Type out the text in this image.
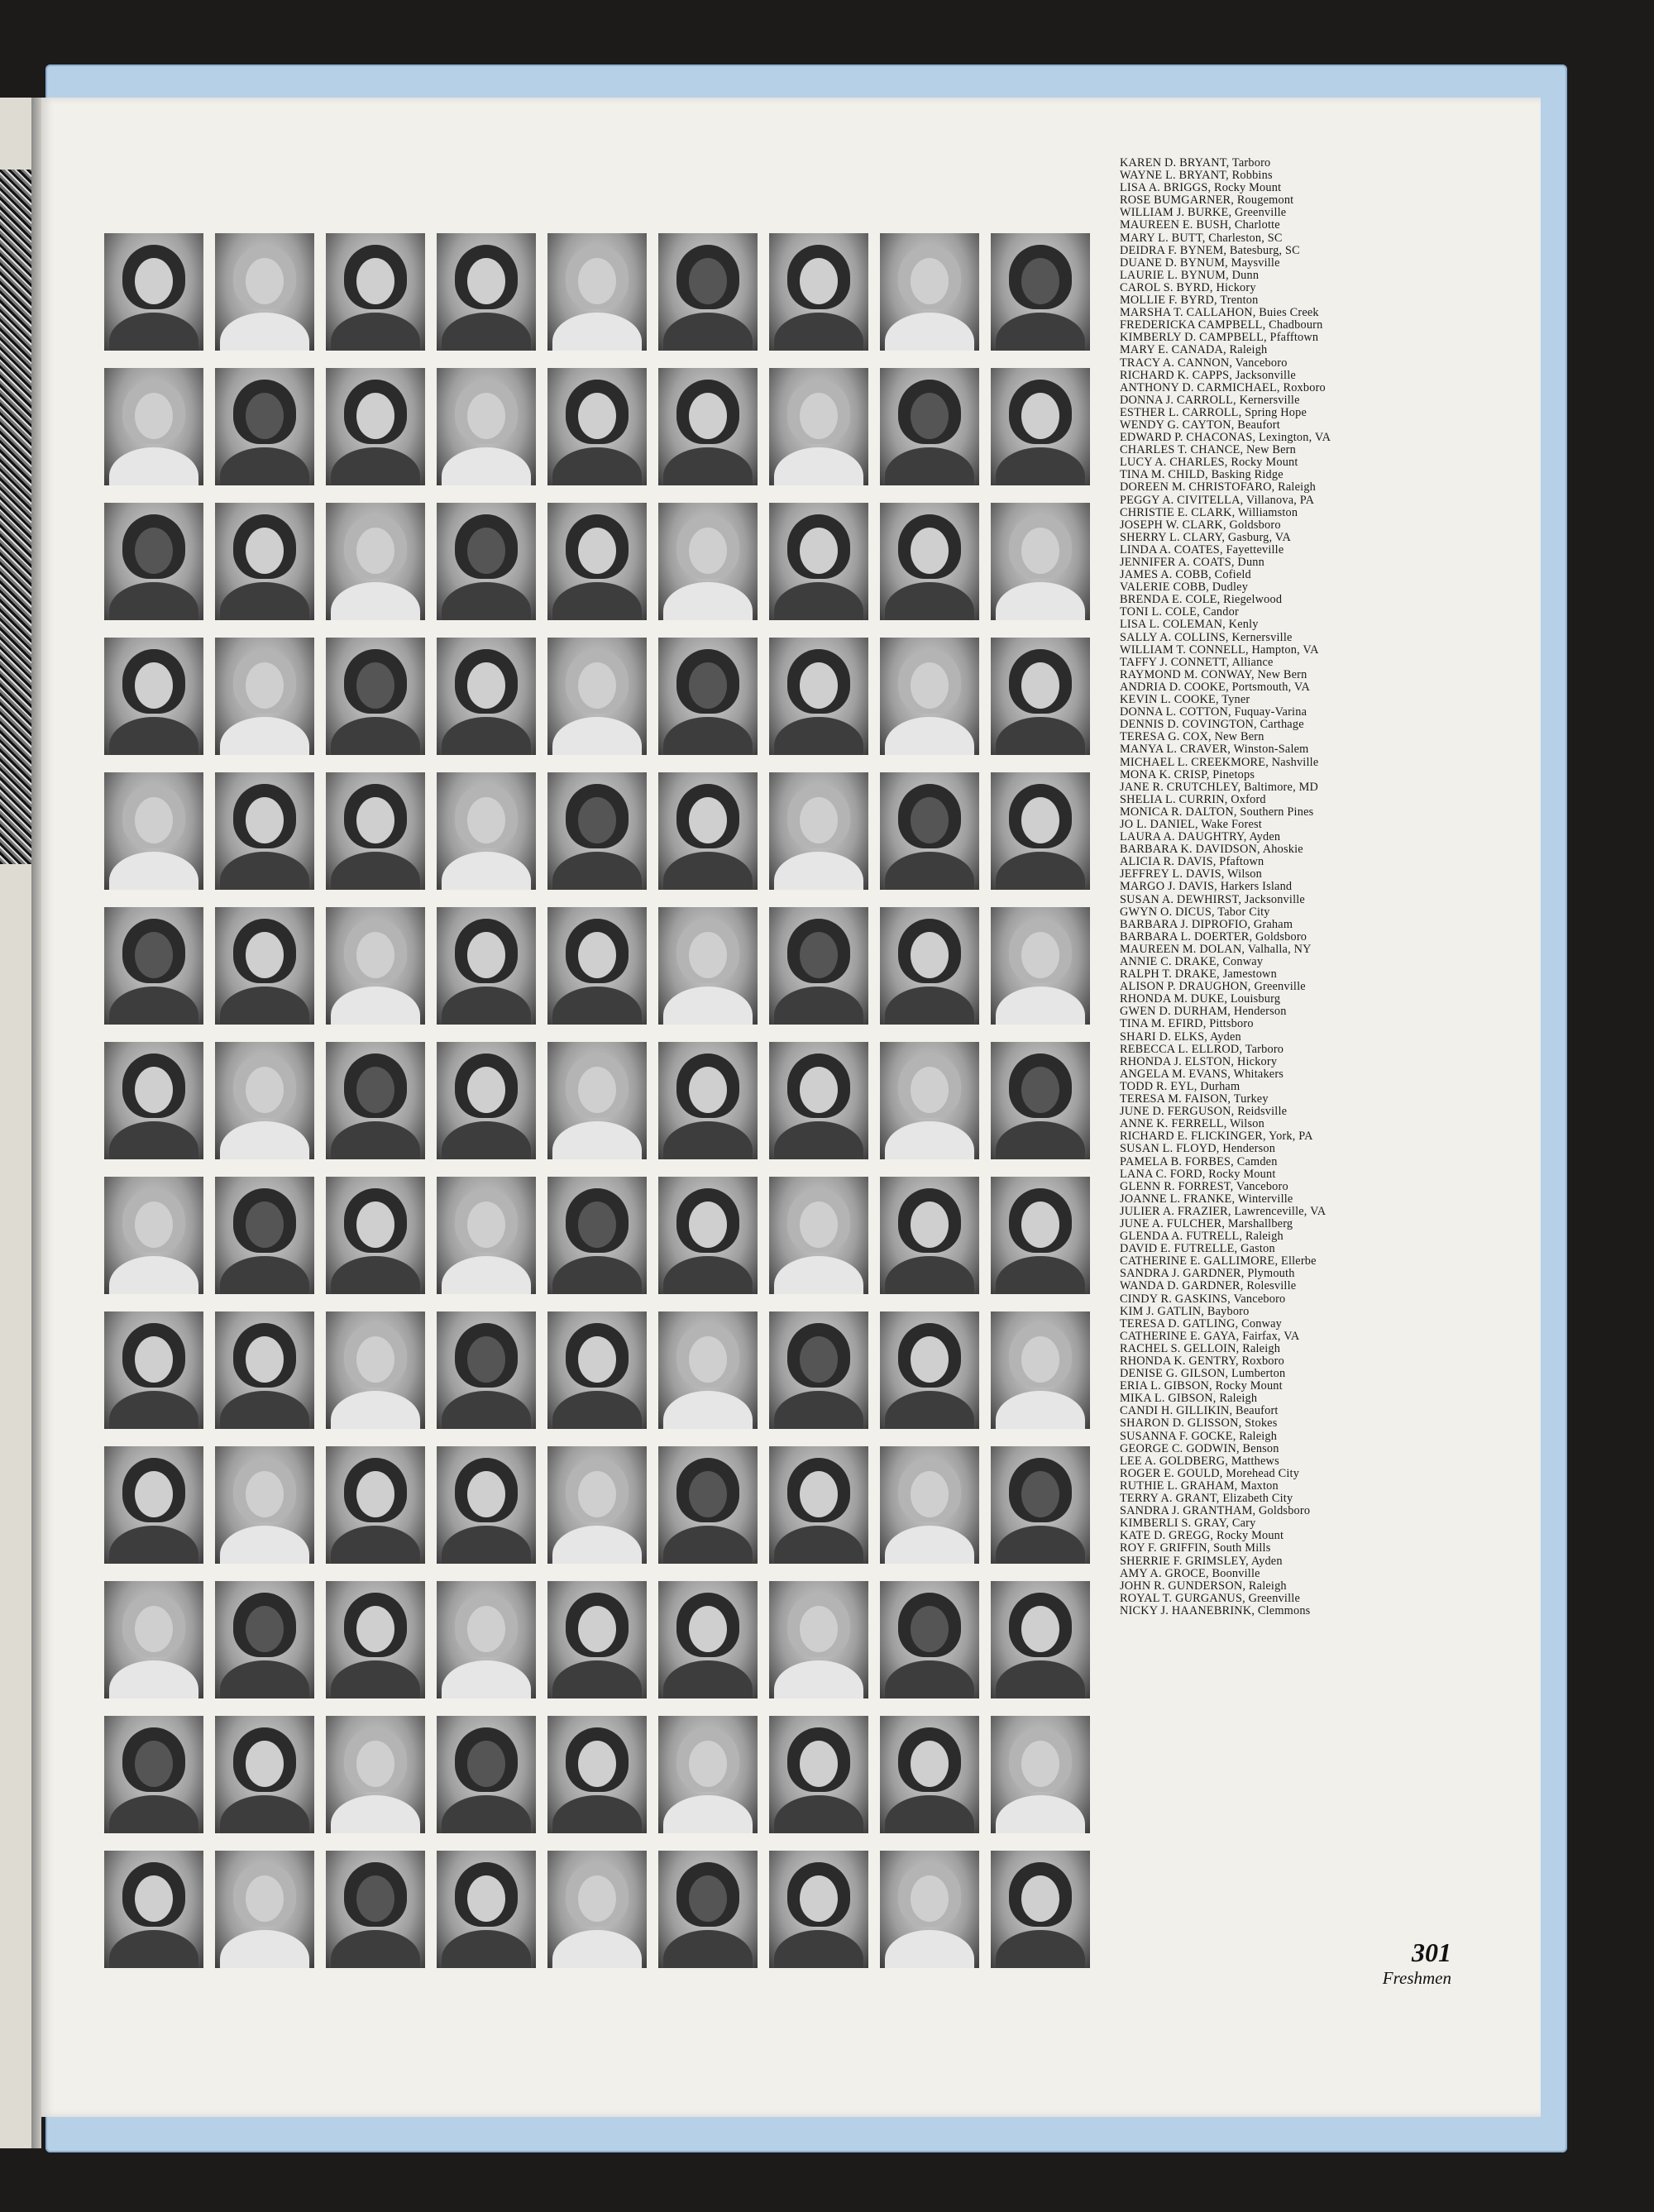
KAREN D. BRYANT, Tarboro
WAYNE L. BRYANT, Robbins
LISA A. BRIGGS, Rocky Mount
ROSE BUMGARNER, Rougemont
WILLIAM J. BURKE, Greenville
MAUREEN E. BUSH, Charlotte
MARY L. BUTT, Charleston, SC
DEIDRA F. BYNEM, Batesburg, SC
DUANE D. BYNUM, Maysville
LAURIE L. BYNUM, Dunn
CAROL S. BYRD, Hickory
MOLLIE F. BYRD, Trenton
MARSHA T. CALLAHON, Buies Creek
FREDERICKA CAMPBELL, Chadbourn
KIMBERLY D. CAMPBELL, Pfafftown
MARY E. CANADA, Raleigh
TRACY A. CANNON, Vanceboro
RICHARD K. CAPPS, Jacksonville
ANTHONY D. CARMICHAEL, Roxboro
DONNA J. CARROLL, Kernersville
ESTHER L. CARROLL, Spring Hope
WENDY G. CAYTON, Beaufort
EDWARD P. CHACONAS, Lexington, VA
CHARLES T. CHANCE, New Bern
LUCY A. CHARLES, Rocky Mount
TINA M. CHILD, Basking Ridge
DOREEN M. CHRISTOFARO, Raleigh
PEGGY A. CIVITELLA, Villanova, PA
CHRISTIE E. CLARK, Williamston
JOSEPH W. CLARK, Goldsboro
SHERRY L. CLARY, Gasburg, VA
LINDA A. COATES, Fayetteville
JENNIFER A. COATS, Dunn
JAMES A. COBB, Cofield
VALERIE COBB, Dudley
BRENDA E. COLE, Riegelwood
TONI L. COLE, Candor
LISA L. COLEMAN, Kenly
SALLY A. COLLINS, Kernersville
WILLIAM T. CONNELL, Hampton, VA
TAFFY J. CONNETT, Alliance
RAYMOND M. CONWAY, New Bern
ANDRIA D. COOKE, Portsmouth, VA
KEVIN L. COOKE, Tyner
DONNA L. COTTON, Fuquay-Varina
DENNIS D. COVINGTON, Carthage
TERESA G. COX, New Bern
MANYA L. CRAVER, Winston-Salem
MICHAEL L. CREEKMORE, Nashville
MONA K. CRISP, Pinetops
JANE R. CRUTCHLEY, Baltimore, MD
SHELIA L. CURRIN, Oxford
MONICA R. DALTON, Southern Pines
JO L. DANIEL, Wake Forest
LAURA A. DAUGHTRY, Ayden
BARBARA K. DAVIDSON, Ahoskie
ALICIA R. DAVIS, Pfaftown
JEFFREY L. DAVIS, Wilson
MARGO J. DAVIS, Harkers Island
SUSAN A. DEWHIRST, Jacksonville
GWYN O. DICUS, Tabor City
BARBARA J. DIPROFIO, Graham
BARBARA L. DOERTER, Goldsboro
MAUREEN M. DOLAN, Valhalla, NY
ANNIE C. DRAKE, Conway
RALPH T. DRAKE, Jamestown
ALISON P. DRAUGHON, Greenville
RHONDA M. DUKE, Louisburg
GWEN D. DURHAM, Henderson
TINA M. EFIRD, Pittsboro
SHARI D. ELKS, Ayden
REBECCA L. ELLROD, Tarboro
RHONDA J. ELSTON, Hickory
ANGELA M. EVANS, Whitakers
TODD R. EYL, Durham
TERESA M. FAISON, Turkey
JUNE D. FERGUSON, Reidsville
ANNE K. FERRELL, Wilson
RICHARD E. FLICKINGER, York, PA
SUSAN L. FLOYD, Henderson
PAMELA B. FORBES, Camden
LANA C. FORD, Rocky Mount
GLENN R. FORREST, Vanceboro
JOANNE L. FRANKE, Winterville
JULIER A. FRAZIER, Lawrenceville, VA
JUNE A. FULCHER, Marshallberg
GLENDA A. FUTRELL, Raleigh
DAVID E. FUTRELLE, Gaston
CATHERINE E. GALLIMORE, Ellerbe
SANDRA J. GARDNER, Plymouth
WANDA D. GARDNER, Rolesville
CINDY R. GASKINS, Vanceboro
KIM J. GATLIN, Bayboro
TERESA D. GATLING, Conway
CATHERINE E. GAYA, Fairfax, VA
RACHEL S. GELLOIN, Raleigh
RHONDA K. GENTRY, Roxboro
DENISE G. GILSON, Lumberton
ERIA L. GIBSON, Rocky Mount
MIKA L. GIBSON, Raleigh
CANDI H. GILLIKIN, Beaufort
SHARON D. GLISSON, Stokes
SUSANNA F. GOCKE, Raleigh
GEORGE C. GODWIN, Benson
LEE A. GOLDBERG, Matthews
ROGER E. GOULD, Morehead City
RUTHIE L. GRAHAM, Maxton
TERRY A. GRANT, Elizabeth City
SANDRA J. GRANTHAM, Goldsboro
KIMBERLI S. GRAY, Cary
KATE D. GREGG, Rocky Mount
ROY F. GRIFFIN, South Mills
SHERRIE F. GRIMSLEY, Ayden
AMY A. GROCE, Boonville
JOHN R. GUNDERSON, Raleigh
ROYAL T. GURGANUS, Greenville
NICKY J. HAANEBRINK, Clemmons
301
Freshmen
